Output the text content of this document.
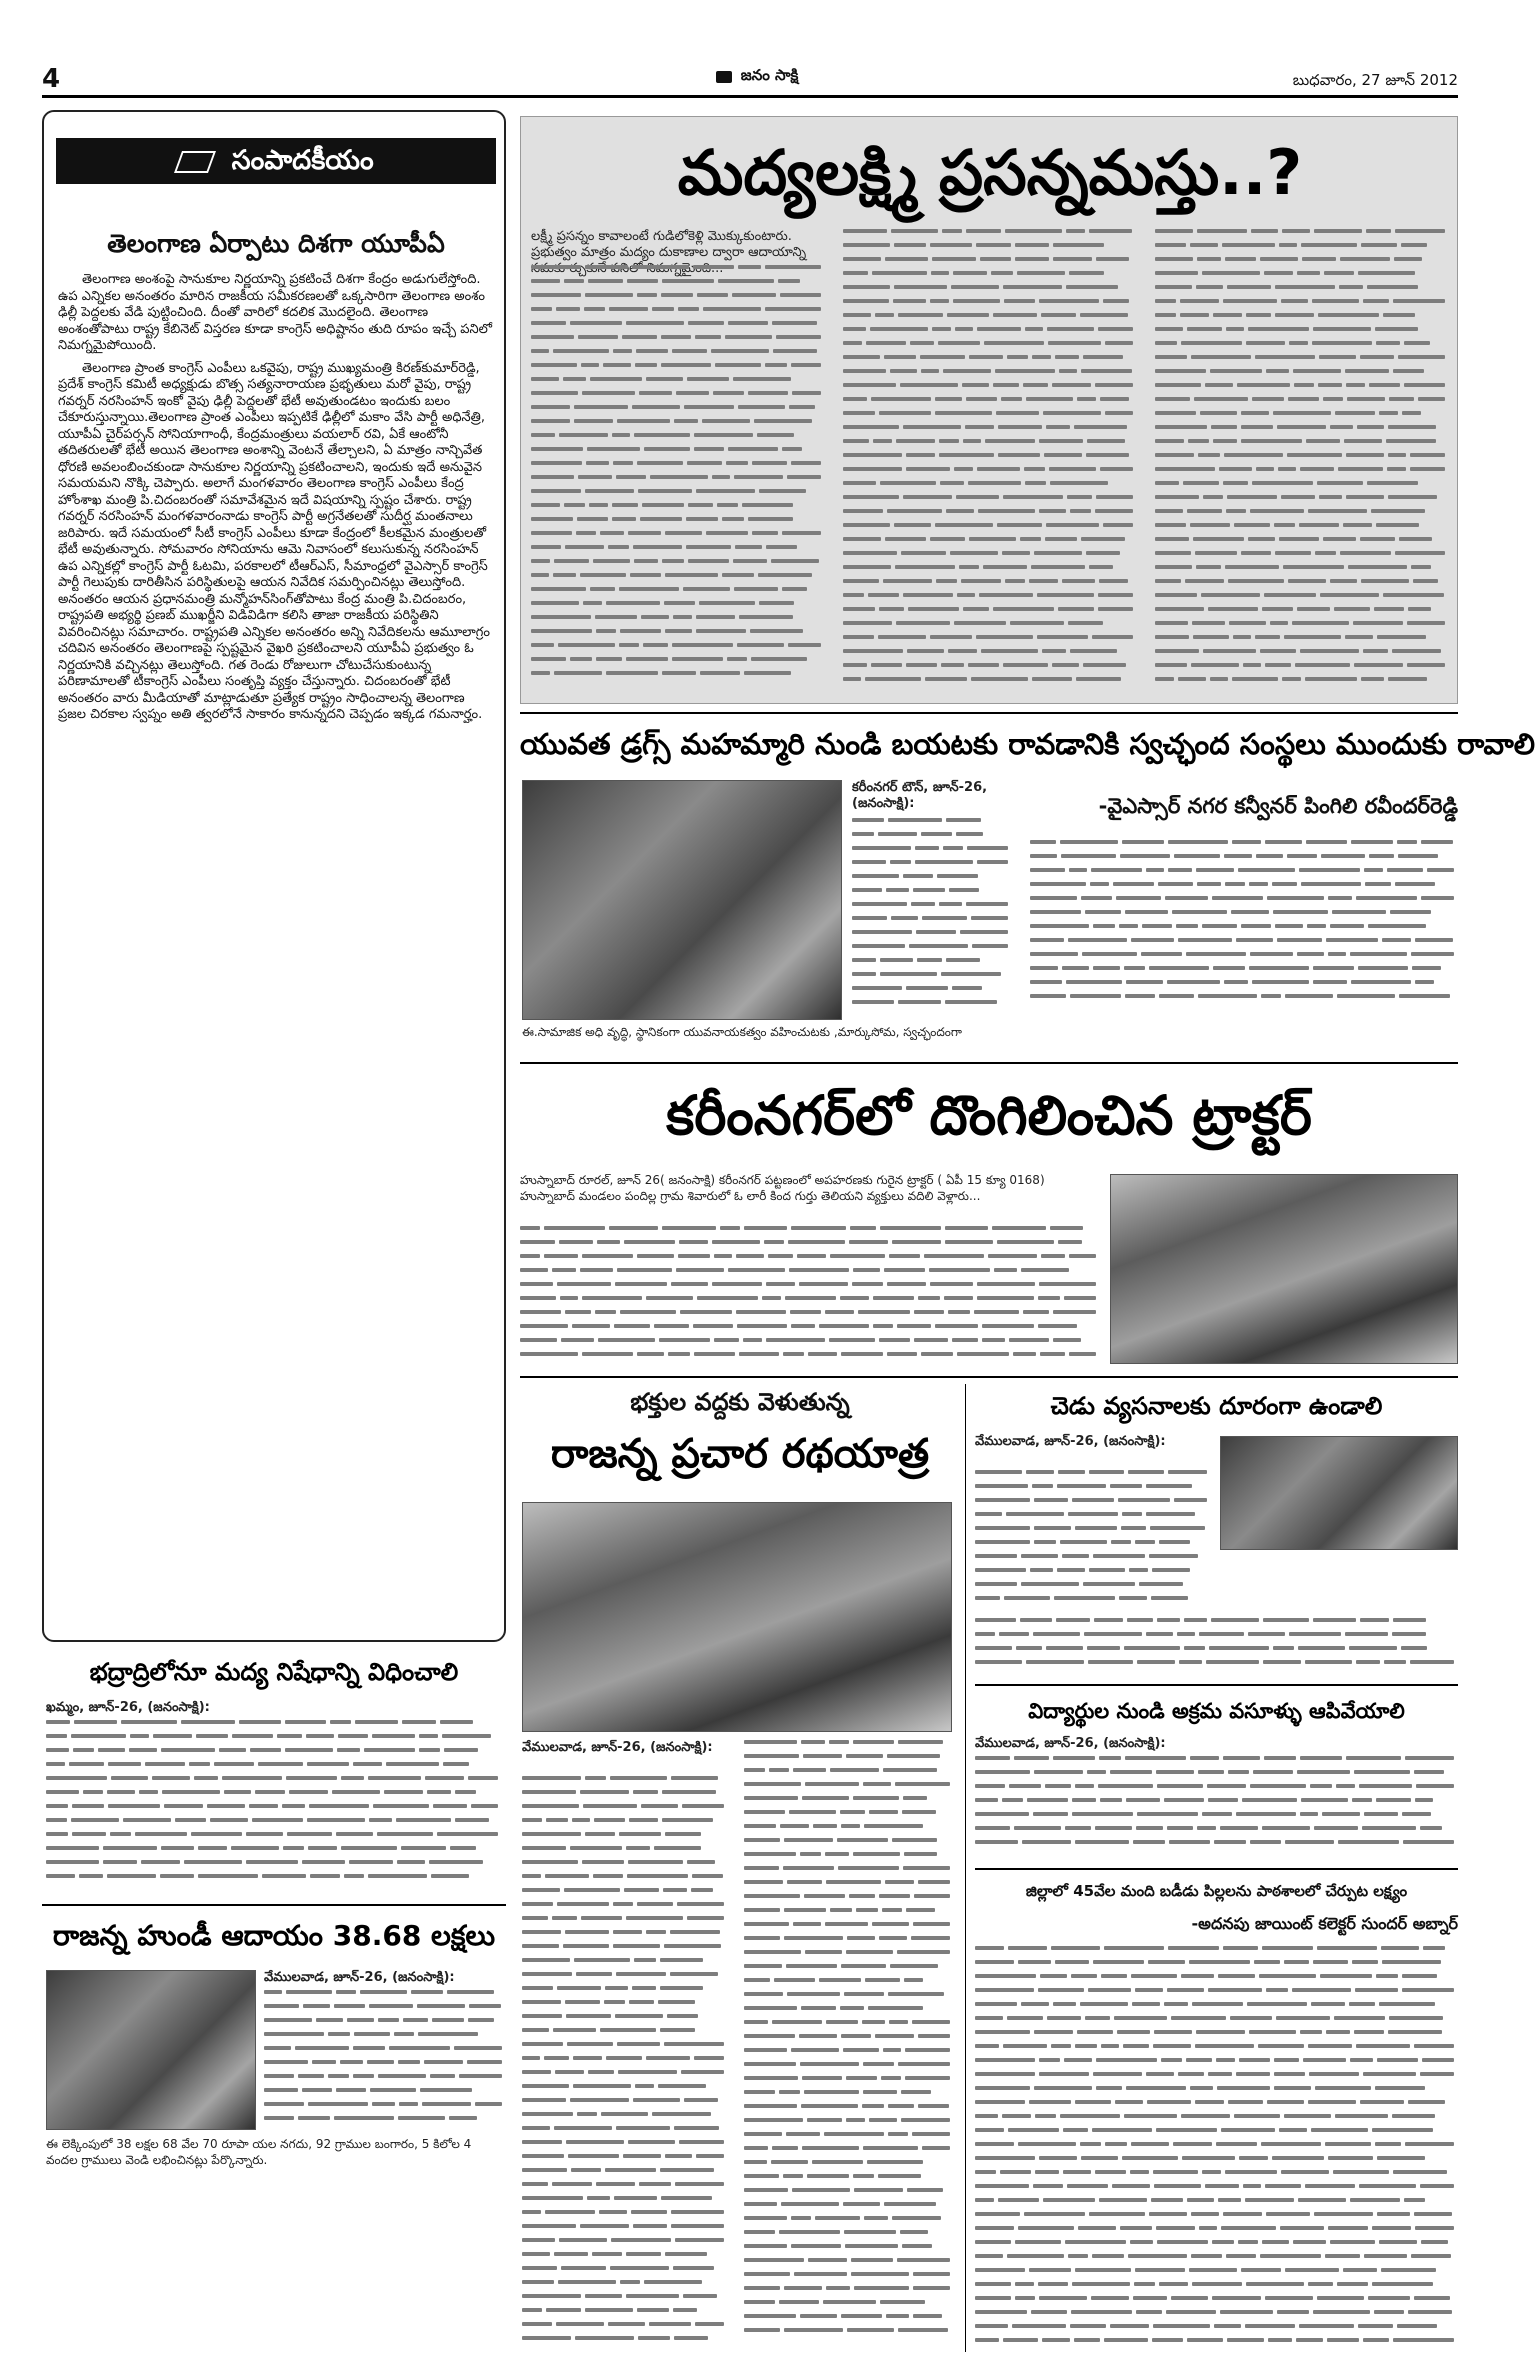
4	జనం సాక్షి	బుధవారం, 27 జూన్ 2012
సంపాదకీయం
తెలంగాణ ఏర్పాటు దిశగా యూపీఏ

తెలంగాణ అంశంపై సానుకూల నిర్ణయాన్ని ప్రకటించే దిశగా కేంద్రం అడుగులేస్తోంది. ఉప ఎన్నికల అనంతరం మారిన రాజకీయ సమీకరణలతో ఒక్కసారిగా తెలంగాణ అంశం ఢిల్లీ పెద్దలకు వేడి పుట్టించింది. దీంతో వారిలో కదలిక మొదలైంది. తెలంగాణ అంశంతోపాటు రాష్ట్ర కేబినెట్ విస్తరణ కూడా కాంగ్రెస్ అధిష్టానం తుది రూపం ఇచ్చే పనిలో నిమగ్నమైపోయింది.

తెలంగాణ ప్రాంత కాంగ్రెస్ ఎంపీలు ఒకవైపు, రాష్ట్ర ముఖ్యమంత్రి కిరణ్‌కుమార్‌రెడ్డి, ప్రదేశ్ కాంగ్రెస్ కమిటీ అధ్యక్షుడు బొత్స సత్యనారాయణ ప్రభృతులు మరో వైపు, రాష్ట్ర గవర్నర్ నరసింహన్ ఇంకో వైపు ఢిల్లీ పెద్దలతో భేటీ అవుతుండటం ఇందుకు బలం చేకూరుస్తున్నాయి.తెలంగాణ ప్రాంత ఎంపీలు ఇప్పటికే ఢిల్లీలో మకాం వేసి పార్టీ అధినేత్రి, యూపీఏ చైర్‌పర్సన్ సోనియాగాంధీ, కేంద్రమంత్రులు వయలార్ రవి, ఏకే ఆంటోనీ తదితరులతో భేటీ అయిన తెలంగాణ అంశాన్ని వెంటనే తేల్చాలని, ఏ మాత్రం నాన్చివేత ధోరణి అవలంబించకుండా సానుకూల నిర్ణయాన్ని ప్రకటించాలని, ఇందుకు ఇదే అనువైన సమయమని నొక్కి చెప్పారు. అలాగే మంగళవారం తెలంగాణ కాంగ్రెస్ ఎంపీలు కేంద్ర హోంశాఖ మంత్రి పి.చిదంబరంతో సమావేశమైన ఇదే విషయాన్ని స్పష్టం చేశారు. రాష్ట్ర గవర్నర్ నరసింహన్ మంగళవారంనాడు కాంగ్రెస్ పార్టీ అగ్రనేతలతో సుదీర్ఘ మంతనాలు జరిపారు. ఇదే సమయంలో సీటీ కాంగ్రెస్ ఎంపీలు కూడా కేంద్రంలో కీలకమైన మంత్రులతో భేటీ అవుతున్నారు. సోమవారం సోనియాను ఆమె నివాసంలో కలుసుకున్న నరసింహన్ ఉప ఎన్నికల్లో కాంగ్రెస్ పార్టీ ఓటమి, పరకాలలో టీఆర్ఎస్, సీమాంధ్రలో వైఎస్సార్ కాంగ్రెస్ పార్టీ గెలుపుకు దారితీసిన పరిస్థితులపై ఆయన నివేదిక సమర్పించినట్లు తెలుస్తోంది. అనంతరం ఆయన ప్రధానమంత్రి మన్మోహన్‌సింగ్‌తోపాటు కేంద్ర మంత్రి పి.చిదంబరం, రాష్ట్రపతి అభ్యర్థి ప్రణబ్ ముఖర్జీని విడివిడిగా కలిసి తాజా రాజకీయ పరిస్థితిని వివరించినట్లు సమాచారం. రాష్ట్రపతి ఎన్నికల అనంతరం అన్ని నివేదికలను ఆమూలాగ్రం చదివిన అనంతరం తెలంగాణపై స్పష్టమైన వైఖరి ప్రకటించాలని యూపీఏ ప్రభుత్వం ఓ నిర్ణయానికి వచ్చినట్లు తెలుస్తోంది. గత రెండు రోజులుగా చోటుచేసుకుంటున్న పరిణామాలతో టీకాంగ్రెస్ ఎంపీలు సంతృప్తి వ్యక్తం చేస్తున్నారు. చిదంబరంతో భేటీ అనంతరం వారు మీడియాతో మాట్లాడుతూ ప్రత్యేక రాష్ట్రం సాధించాలన్న తెలంగాణ ప్రజల చిరకాల స్వప్నం అతి త్వరలోనే సాకారం కానున్నదని చెప్పడం ఇక్కడ గమనార్హం.

మద్యలక్ష్మి ప్రసన్నమస్తు..?
లక్ష్మీ ప్రసన్నం కావాలంటే గుడిలోకెళ్లి మొక్కుకుంటారు. ప్రభుత్వం మాత్రం మద్యం దుకాణాల ద్వారా ఆదాయాన్ని
యువత డ్రగ్స్ మహమ్మారి నుండి బయటకు రావడానికి స్వచ్ఛంద సంస్థలు ముందుకు రావాలి
కరీంనగర్ టౌన్, జూన్-26, (జనంసాక్షి):	-వైఎస్సార్ నగర కన్వీనర్ పింగిలి రవీందర్‌రెడ్డి
ఈ.సామాజిక అధి వృద్ధి, స్థానికంగా యువనాయకత్వం వహించుటకు ,మార్కుసోమ, స్వచ్ఛందంగా
కరీంనగర్‌లో దొంగిలించిన ట్రాక్టర్
హుస్నాబాద్ రూరల్, జూన్ 26( జనంసాక్షి) కరీంనగర్ పట్టణంలో అపహరణకు గురైన ట్రాక్టర్ ( ఏపీ 15 క్యూ 0168) హుస్నాబాద్ మండలం పందిల్ల గ్రామ శివారులో ఓ లారీ కింద గుర్తు తెలియని వ్యక్తులు వదిలి వెళ్లారు...
భక్తుల వద్దకు వెళుతున్న
రాజన్న ప్రచార రథయాత్ర
వేములవాడ, జూన్-26, (జనంసాక్షి):
చెడు వ్యసనాలకు దూరంగా ఉండాలి
వేములవాడ, జూన్-26, (జనంసాక్షి):
విద్యార్థుల నుండి అక్రమ వసూళ్ళు ఆపివేయాలి
వేములవాడ, జూన్-26, (జనంసాక్షి):
జిల్లాలో 45వేల మంది బడీడు పిల్లలను పాఠశాలలో చేర్పుట లక్ష్యం
-అదనపు జాయింట్ కలెక్టర్ సుందర్ అబ్నార్
భద్రాద్రిలోనూ మద్య నిషేధాన్ని విధించాలి
ఖమ్మం, జూన్-26, (జనంసాక్షి):
రాజన్న హుండీ ఆదాయం 38.68 లక్షలు
వేములవాడ, జూన్-26, (జనంసాక్షి):
ఈ లెక్కింపులో 38 లక్షల 68 వేల 70 రూపా యల నగదు, 92 గ్రాముల బంగారం, 5 కిలోల 4 వందల గ్రాములు వెండి లభించినట్లు పేర్కొన్నారు.
